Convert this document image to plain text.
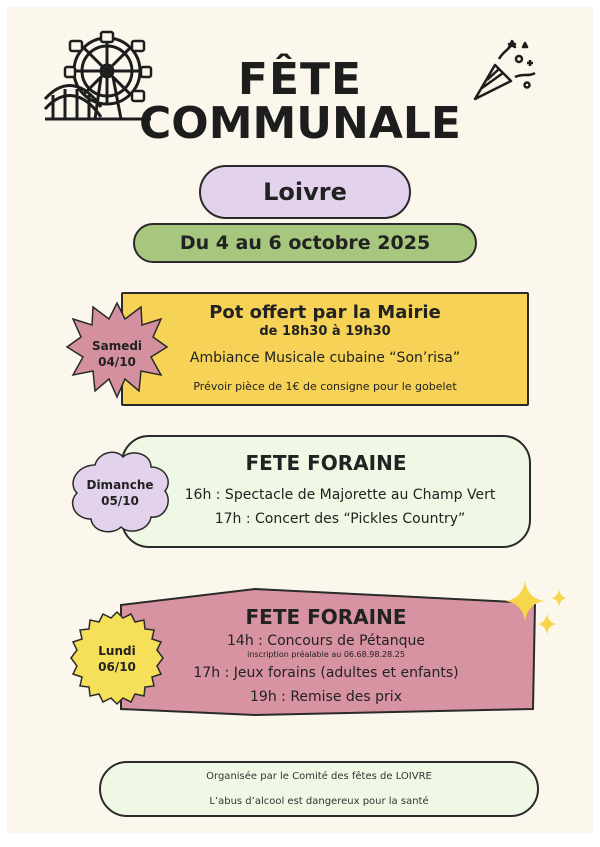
FÊTE
COMMUNALE
Loivre
Du 4 au 6 octobre 2025
Pot offert par la Mairie
de 18h30 à 19h30
Ambiance Musicale cubaine “Son’risa”
Prévoir pièce de 1€ de consigne pour le gobelet
Samedi
04/10
FETE FORAINE
16h : Spectacle de Majorette au Champ Vert
17h : Concert des “Pickles Country”
Dimanche
05/10
FETE FORAINE
14h : Concours de Pétanque
inscription préalable au 06.68.98.28.25
17h : Jeux forains (adultes et enfants)
19h : Remise des prix
Lundi
06/10
Organisée par le Comité des fêtes de LOIVRE
L’abus d’alcool est dangereux pour la santé
